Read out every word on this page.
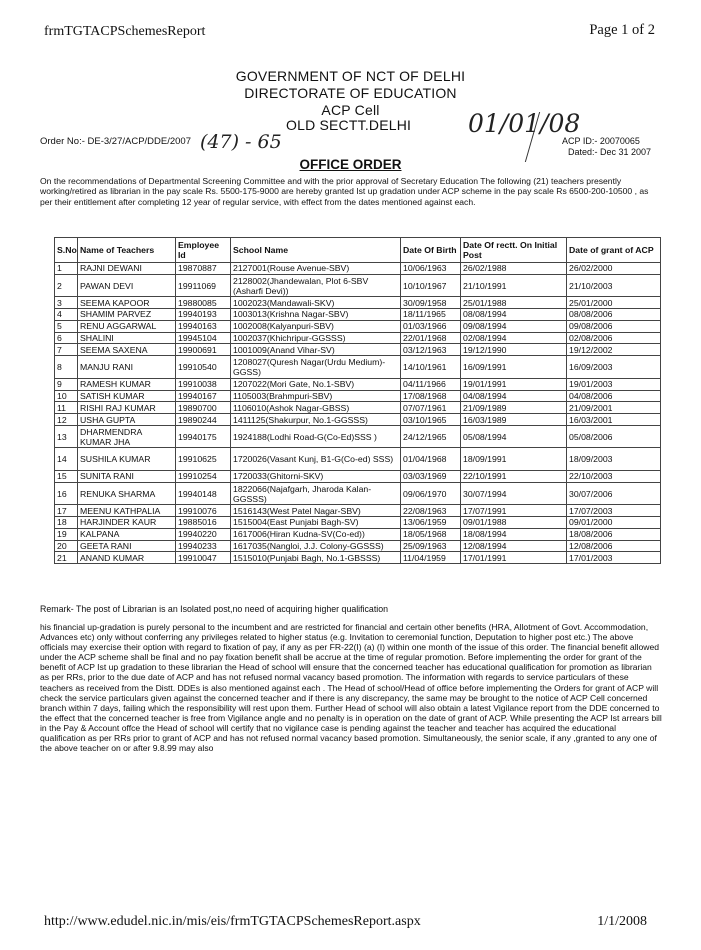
frmTGTACPSchemesReport	Page 1 of 2
GOVERNMENT OF NCT OF DELHI
DIRECTORATE OF EDUCATION
ACP Cell
OLD SECTT.DELHI
Order No:- DE-3/27/ACP/DDE/2007 (47) - 65
01/01/08
ACP ID:- 20070065
Dated:- Dec 31 2007
OFFICE ORDER
On the recommendations of Departmental Screening Committee and with the prior approval of Secretary Education The following (21) teachers presently working/retired as librarian in the pay scale Rs. 5500-175-9000 are hereby granted Ist up gradation under ACP scheme in the pay scale Rs 6500-200-10500 , as per their entitlement after completing 12 year of regular service, with effect from the dates mentioned against each.
S.No	Name of Teachers	Employee Id	School Name	Date Of Birth	Date Of rectt. On Initial Post	Date of grant of ACP
1	RAJNI DEWANI	19870887	2127001(Rouse Avenue-SBV)	10/06/1963	26/02/1988	26/02/2000
2	PAWAN DEVI	19911069	2128002(Jhandewalan, Plot 6-SBV (Asharfi Devi))	10/10/1967	21/10/1991	21/10/2003
3	SEEMA KAPOOR	19880085	1002023(Mandawali-SKV)	30/09/1958	25/01/1988	25/01/2000
4	SHAMIM PARVEZ	19940193	1003013(Krishna Nagar-SBV)	18/11/1965	08/08/1994	08/08/2006
5	RENU AGGARWAL	19940163	1002008(Kalyanpuri-SBV)	01/03/1966	09/08/1994	09/08/2006
6	SHALINI	19945104	1002037(Khichripur-GGSSS)	22/01/1968	02/08/1994	02/08/2006
7	SEEMA SAXENA	19900691	1001009(Anand Vihar-SV)	03/12/1963	19/12/1990	19/12/2002
8	MANJU RANI	19910540	1208027(Quresh Nagar(Urdu Medium)-GGSS)	14/10/1961	16/09/1991	16/09/2003
9	RAMESH KUMAR	19910038	1207022(Mori Gate, No.1-SBV)	04/11/1966	19/01/1991	19/01/2003
10	SATISH KUMAR	19940167	1105003(Brahmpuri-SBV)	17/08/1968	04/08/1994	04/08/2006
11	RISHI RAJ KUMAR	19890700	1106010(Ashok Nagar-GBSS)	07/07/1961	21/09/1989	21/09/2001
12	USHA GUPTA	19890244	1411125(Shakurpur, No.1-GGSSS)	03/10/1965	16/03/1989	16/03/2001
13	DHARMENDRA KUMAR JHA	19940175	1924188(Lodhi Road-G(Co-Ed)SSS )	24/12/1965	05/08/1994	05/08/2006
14	SUSHILA KUMAR	19910625	1720026(Vasant Kunj, B1-G(Co-ed) SSS)	01/04/1968	18/09/1991	18/09/2003
15	SUNITA RANI	19910254	1720033(Ghitorni-SKV)	03/03/1969	22/10/1991	22/10/2003
16	RENUKA SHARMA	19940148	1822066(Najafgarh, Jharoda Kalan-GGSSS)	09/06/1970	30/07/1994	30/07/2006
17	MEENU KATHPALIA	19910076	1516143(West Patel Nagar-SBV)	22/08/1963	17/07/1991	17/07/2003
18	HARJINDER KAUR	19885016	1515004(East Punjabi Bagh-SV)	13/06/1959	09/01/1988	09/01/2000
19	KALPANA	19940220	1617006(Hiran Kudna-SV(Co-ed))	18/05/1968	18/08/1994	18/08/2006
20	GEETA RANI	19940233	1617035(Nangloi, J.J. Colony-GGSSS)	25/09/1963	12/08/1994	12/08/2006
21	ANAND KUMAR	19910047	1515010(Punjabi Bagh, No.1-GBSSS)	11/04/1959	17/01/1991	17/01/2003
Remark- The post of Librarian is an Isolated post,no need of acquiring higher qualification
his financial up-gradation is purely personal to the incumbent and are restricted for financial and certain other benefits (HRA, Allotment of Govt. Accommodation, Advances etc) only without conferring any privileges related to higher status (e.g. Invitation to ceremonial function, Deputation to higher post etc.) The above officials may exercise their option with regard to fixation of pay, if any as per FR-22(I) (a) (I) within one month of the issue of this order. The financial benefit allowed under the ACP scheme shall be final and no pay fixation benefit shall be accrue at the time of regular promotion. Before implementing the order for grant of the benefit of ACP Ist up gradation to these librarian the Head of school will ensure that the concerned teacher has educational qualification for promotion as librarian as per RRs, prior to the due date of ACP and has not refused normal vacancy based promotion. The information with regards to service particulars of these teachers as received from the Distt. DDEs is also mentioned against each . The Head of school/Head of office before implementing the Orders for grant of ACP will check the service particulars given against the concerned teacher and if there is any discrepancy, the same may be brought to the notice of ACP Cell concerned branch within 7 days, failing which the responsibility will rest upon them. Further Head of school will also obtain a latest Vigilance report from the DDE concerned to the effect that the concerned teacher is free from Vigilance angle and no penalty is in operation on the date of grant of ACP. While presenting the ACP Ist arrears bill in the Pay & Account offce the Head of school will certify that no vigilance case is pending against the teacher and teacher has acquired the educational qualification as per RRs prior to grant of ACP and has not refused normal vacancy based promotion. Simultaneously, the senior scale, if any ,granted to any one of the above teacher on or after 9.8.99 may also
http://www.edudel.nic.in/mis/eis/frmTGTACPSchemesReport.aspx	1/1/2008
